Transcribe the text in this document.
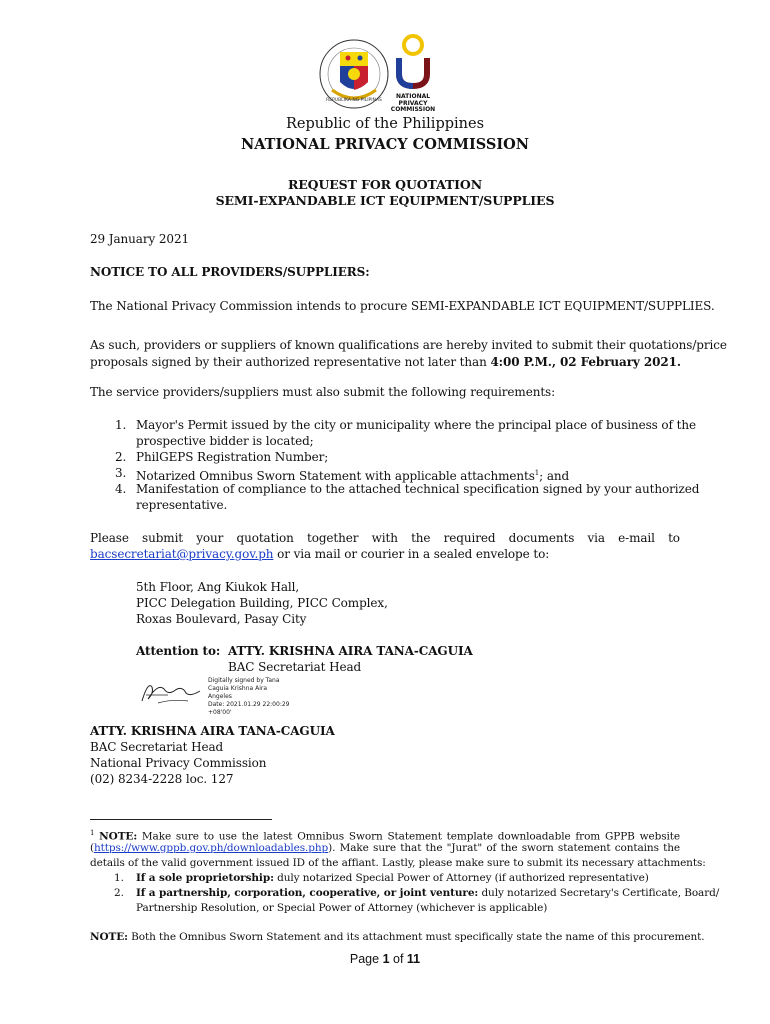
REPUBLIKA NG PILIPINAS
NATIONAL
PRIVACY
COMMISSION
Republic of the Philippines
NATIONAL PRIVACY COMMISSION
REQUEST FOR QUOTATION
SEMI-EXPANDABLE ICT EQUIPMENT/SUPPLIES
29 January 2021
NOTICE TO ALL PROVIDERS/SUPPLIERS:
The National Privacy Commission intends to procure SEMI-EXPANDABLE ICT EQUIPMENT/SUPPLIES.
As such, providers or suppliers of known qualifications are hereby invited to submit their quotations/price
proposals signed by their authorized representative not later than 4:00 P.M., 02 February 2021.
The service providers/suppliers must also submit the following requirements:
1. Mayor's Permit issued by the city or municipality where the principal place of business of the
prospective bidder is located;
2. PhilGEPS Registration Number;
3. Notarized Omnibus Sworn Statement with applicable attachments$^1$; and
4. Manifestation of compliance to the attached technical specification signed by your authorized
representative.
Please submit your quotation together with the required documents via e-mail to
bacsecretariat@privacy.gov.ph or via mail or courier in a sealed envelope to:
5th Floor, Ang Kiukok Hall,
PICC Delegation Building, PICC Complex,
Roxas Boulevard, Pasay City
Attention to: ATTY. KRISHNA AIRA TANA-CAGUIA
BAC Secretariat Head
Digitally signed by Tana
Caguia Krishna Aira
Angeles
Date: 2021.01.29 22:00:29
+08'00'
ATTY. KRISHNA AIRA TANA-CAGUIA
BAC Secretariat Head
National Privacy Commission
(02) 8234-2228 loc. 127
$^1$ NOTE: Make sure to use the latest Omnibus Sworn Statement template downloadable from GPPB website
(https://www.gppb.gov.ph/downloadables.php). Make sure that the "Jurat" of the sworn statement contains the
details of the valid government issued ID of the affiant. Lastly, please make sure to submit its necessary attachments:
1. If a sole proprietorship: duly notarized Special Power of Attorney (if authorized representative)
2. If a partnership, corporation, cooperative, or joint venture: duly notarized Secretary's Certificate, Board/
Partnership Resolution, or Special Power of Attorney (whichever is applicable)
NOTE: Both the Omnibus Sworn Statement and its attachment must specifically state the name of this procurement.
Page 1 of 11
